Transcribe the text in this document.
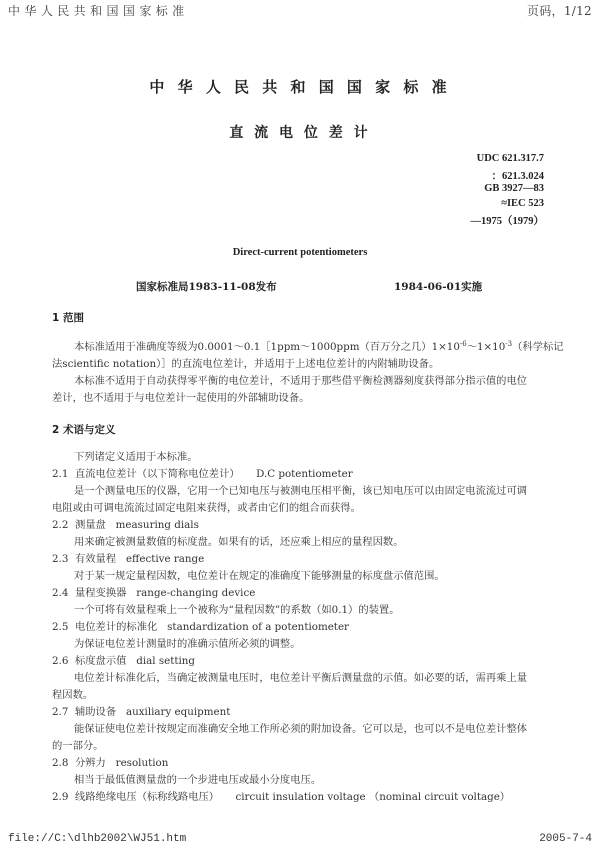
中 华 人 民 共 和 国 国 家 标 准	页码，1/12
中 华 人 民 共 和 国 国 家 标 准
直 流 电 位 差 计
UDC 621.317.7
：621.3.024
GB 3927—83
≈IEC 523
—1975（1979）
Direct-current potentiometers
国家标准局1983-11-08发布	1984-06-01实施
1 范围
本标准适用于准确度等级为0.0001～0.1［1ppm～1000ppm（百万分之几）$1\times 10^{-6}\sim 1\times 10^{-3}$（科学标记
法scientific notation）］的直流电位差计，并适用于上述电位差计的内附辅助设备。
本标准不适用于自动获得零平衡的电位差计，不适用于那些借平衡检测器刻度获得部分指示值的电位
差计，也不适用于与电位差计一起使用的外部辅助设备。
2 术语与定义
下列诸定义适用于本标准。
2.1 直流电位差计（以下简称电位差计） D.C potentiometer
是一个测量电压的仪器，它用一个已知电压与被测电压相平衡，该已知电压可以由固定电流流过可调
电阻或由可调电流流过固定电阻来获得，或者由它们的组合而获得。
2.2 测量盘 measuring dials
用来确定被测量数值的标度盘。如果有的话，还应乘上相应的量程因数。
2.3 有效量程 effective range
对于某一规定量程因数，电位差计在规定的准确度下能够测量的标度盘示值范围。
2.4 量程变换器 range-changing device
一个可将有效量程乘上一个被称为“量程因数”的系数（如0.1）的装置。
2.5 电位差计的标准化 standardization of a potentiometer
为保证电位差计测量时的准确示值所必须的调整。
2.6 标度盘示值 dial setting
电位差计标准化后，当确定被测量电压时，电位差计平衡后测量盘的示值。如必要的话，需再乘上量
程因数。
2.7 辅助设备 auxiliary equipment
能保证使电位差计按规定而准确安全地工作所必须的附加设备。它可以是，也可以不是电位差计整体
的一部分。
2.8 分辨力 resolution
相当于最低值测量盘的一个步进电压或最小分度电压。
2.9 线路绝缘电压（标称线路电压） circuit insulation voltage （nominal circuit voltage）
file://C:\dlhb2002\WJ51.htm	2005-7-4
